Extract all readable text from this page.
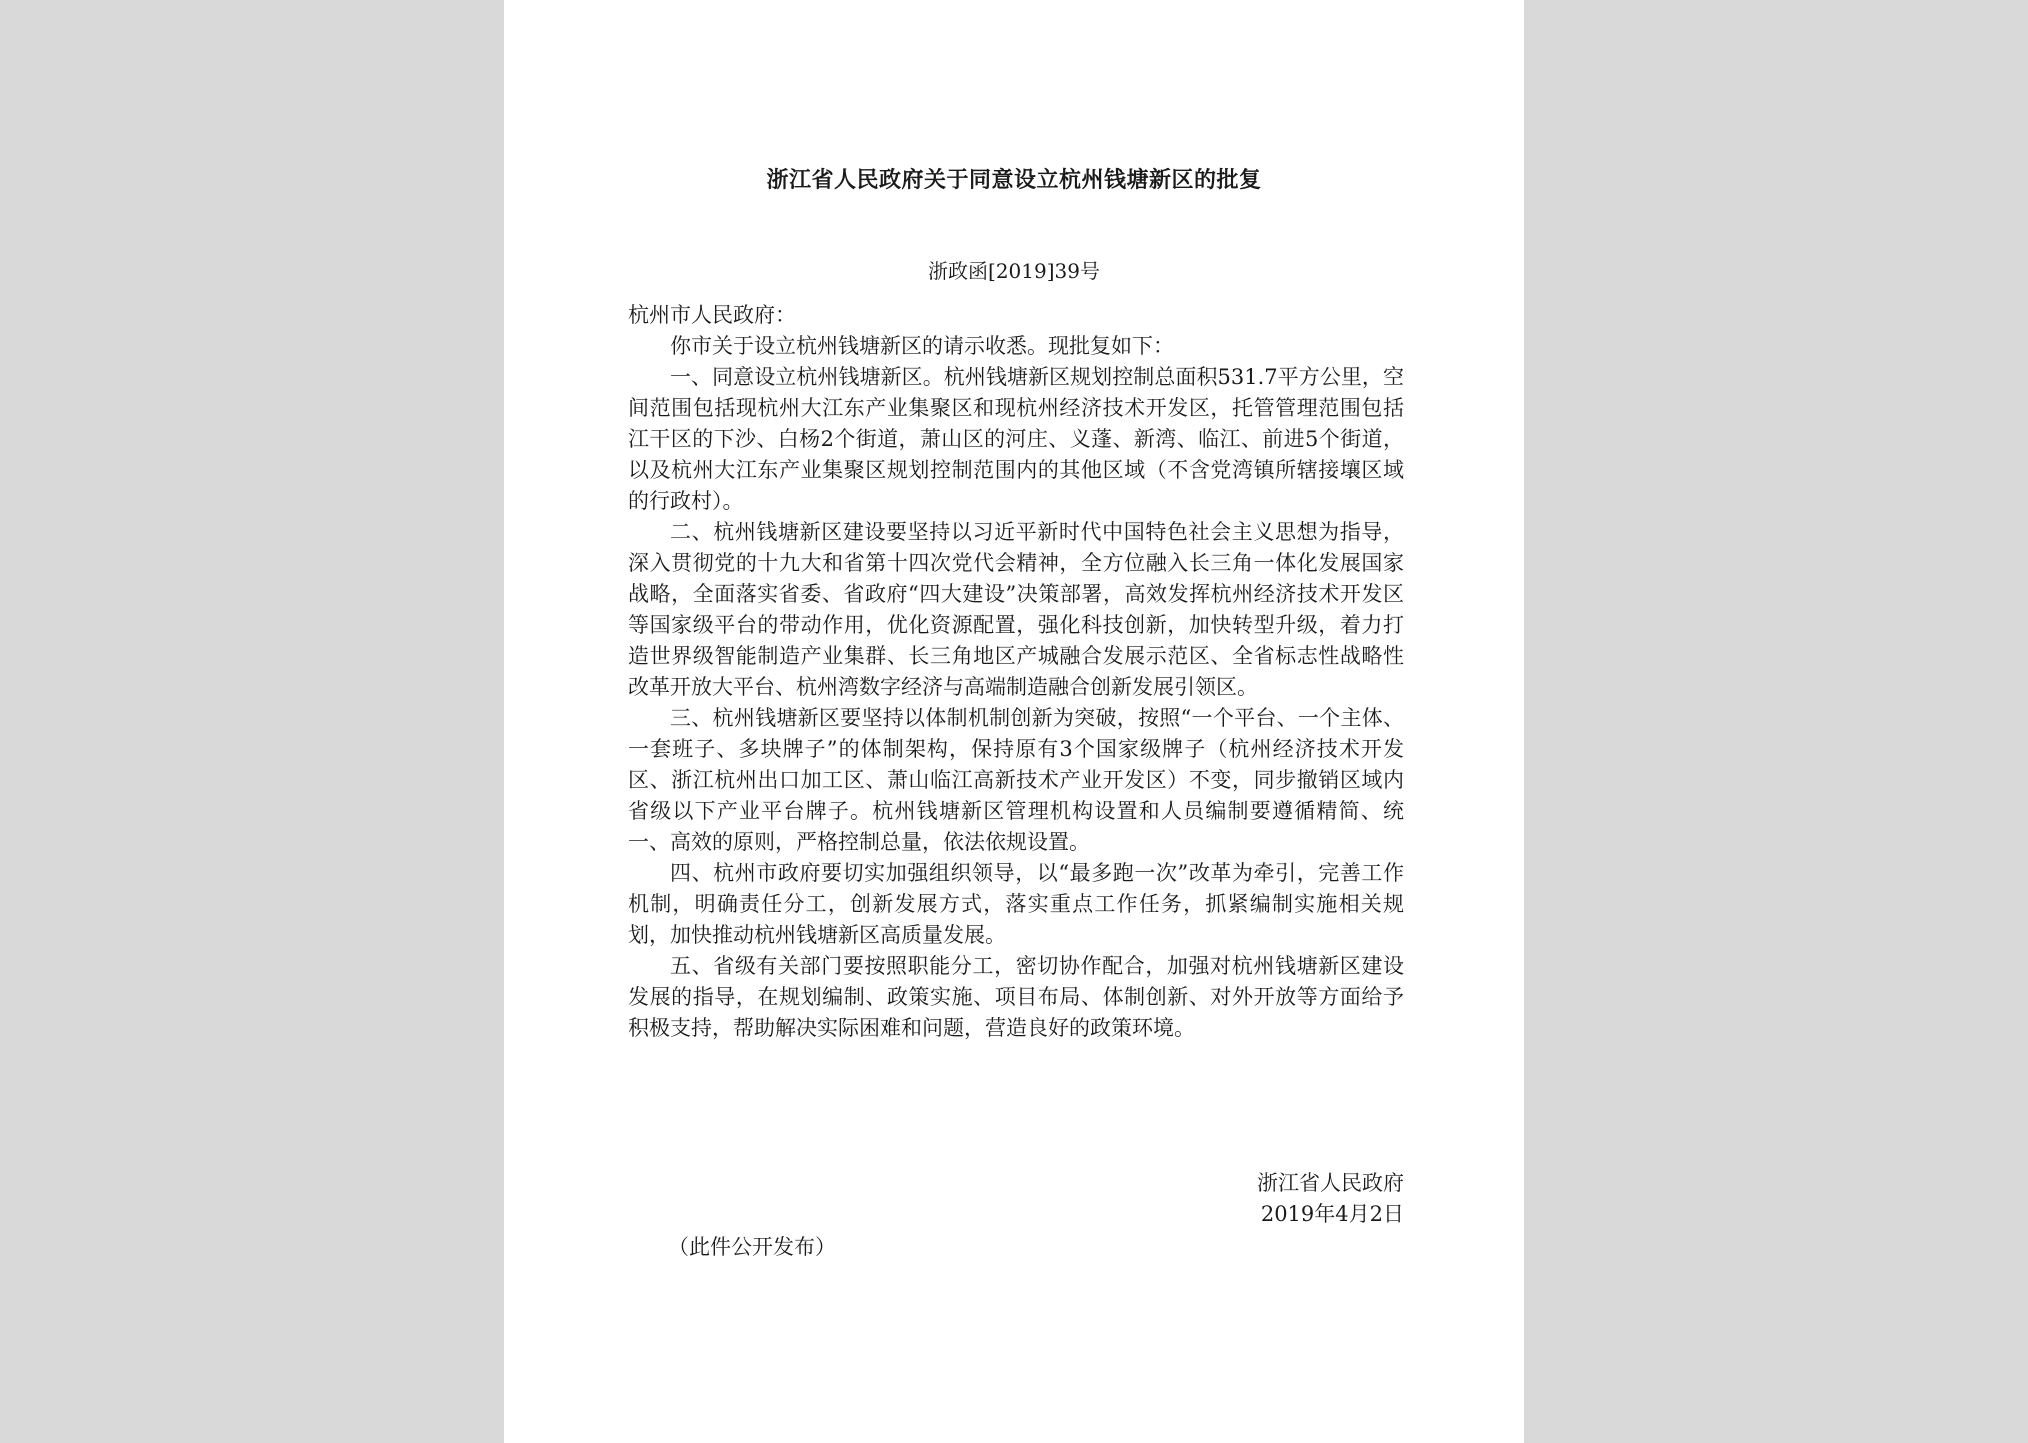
浙江省人民政府关于同意设立杭州钱塘新区的批复
浙政函[2019]39号

杭州市人民政府：

你市关于设立杭州钱塘新区的请示收悉。现批复如下：

一、同意设立杭州钱塘新区。杭州钱塘新区规划控制总面积531.7平方公里，空间范围包括现杭州大江东产业集聚区和现杭州经济技术开发区，托管管理范围包括江干区的下沙、白杨2个街道，萧山区的河庄、义蓬、新湾、临江、前进5个街道，以及杭州大江东产业集聚区规划控制范围内的其他区域（不含党湾镇所辖接壤区域的行政村）。

二、杭州钱塘新区建设要坚持以习近平新时代中国特色社会主义思想为指导，深入贯彻党的十九大和省第十四次党代会精神，全方位融入长三角一体化发展国家战略，全面落实省委、省政府“四大建设”决策部署，高效发挥杭州经济技术开发区等国家级平台的带动作用，优化资源配置，强化科技创新，加快转型升级，着力打造世界级智能制造产业集群、长三角地区产城融合发展示范区、全省标志性战略性改革开放大平台、杭州湾数字经济与高端制造融合创新发展引领区。

三、杭州钱塘新区要坚持以体制机制创新为突破，按照“一个平台、一个主体、一套班子、多块牌子”的体制架构，保持原有3个国家级牌子（杭州经济技术开发区、浙江杭州出口加工区、萧山临江高新技术产业开发区）不变，同步撤销区域内省级以下产业平台牌子。杭州钱塘新区管理机构设置和人员编制要遵循精简、统一、高效的原则，严格控制总量，依法依规设置。

四、杭州市政府要切实加强组织领导，以“最多跑一次”改革为牵引，完善工作机制，明确责任分工，创新发展方式，落实重点工作任务，抓紧编制实施相关规划，加快推动杭州钱塘新区高质量发展。

五、省级有关部门要按照职能分工，密切协作配合，加强对杭州钱塘新区建设发展的指导，在规划编制、政策实施、项目布局、体制创新、对外开放等方面给予积极支持，帮助解决实际困难和问题，营造良好的政策环境。

浙江省人民政府
2019年4月2日
（此件公开发布）
